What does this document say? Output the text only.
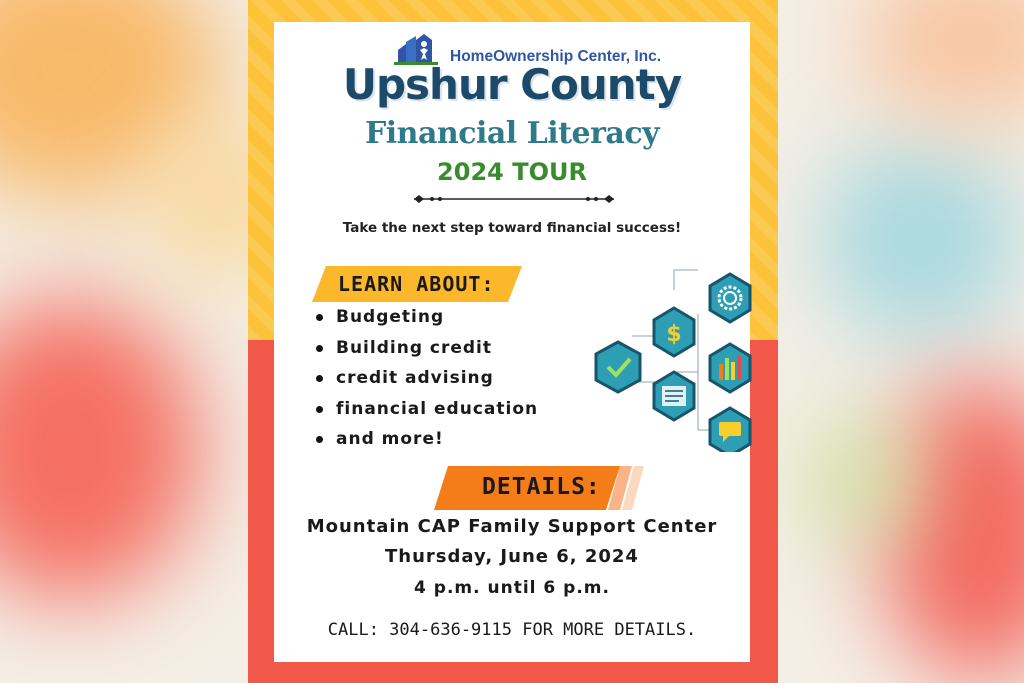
HomeOwnership Center, Inc.
Upshur County
Financial Literacy
2024 TOUR
Take the next step toward financial success!
LEARN ABOUT:
Budgeting
Building credit
credit advising
financial education
and more!
$
DETAILS:
Mountain CAP Family Support Center
Thursday, June 6, 2024
4 p.m. until 6 p.m.
CALL: 304-636-9115 FOR MORE DETAILS.
